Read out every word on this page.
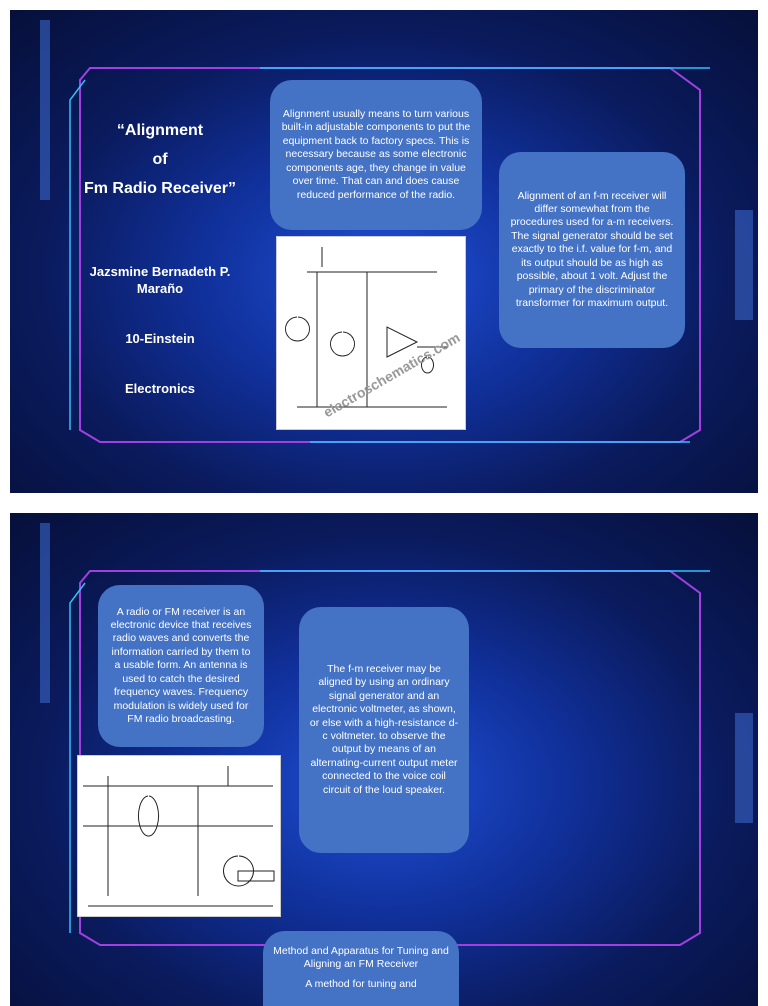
“Alignment
of
Fm Radio Receiver”
Jazsmine Bernadeth P.
Maraño
10-Einstein
Electronics
Alignment usually means to turn various built-in adjustable components to put the equipment back to factory specs. This is necessary because as some electronic components age, they change in value over time. That can and does cause reduced performance of the radio.	Alignment of an f-m receiver will differ somewhat from the procedures used for a-m receivers. The signal generator should be set exactly to the i.f. value for f-m, and its output should be as high as possible, about 1 volt. Adjust the primary of the discriminator transformer for maximum output.
electroschematics.com
A radio or FM receiver is an electronic device that receives radio waves and converts the information carried by them to a usable form. An antenna is used to catch the desired frequency waves. Frequency modulation is widely used for FM radio broadcasting.
The f-m receiver may be aligned by using an ordinary signal generator and an electronic voltmeter, as shown, or else with a high-resistance d-c voltmeter. to observe the output by means of an alternating-current output meter connected to the voice coil circuit of the loud speaker.
Method and Apparatus for Tuning and Aligning an FM Receiver
A method for tuning and
